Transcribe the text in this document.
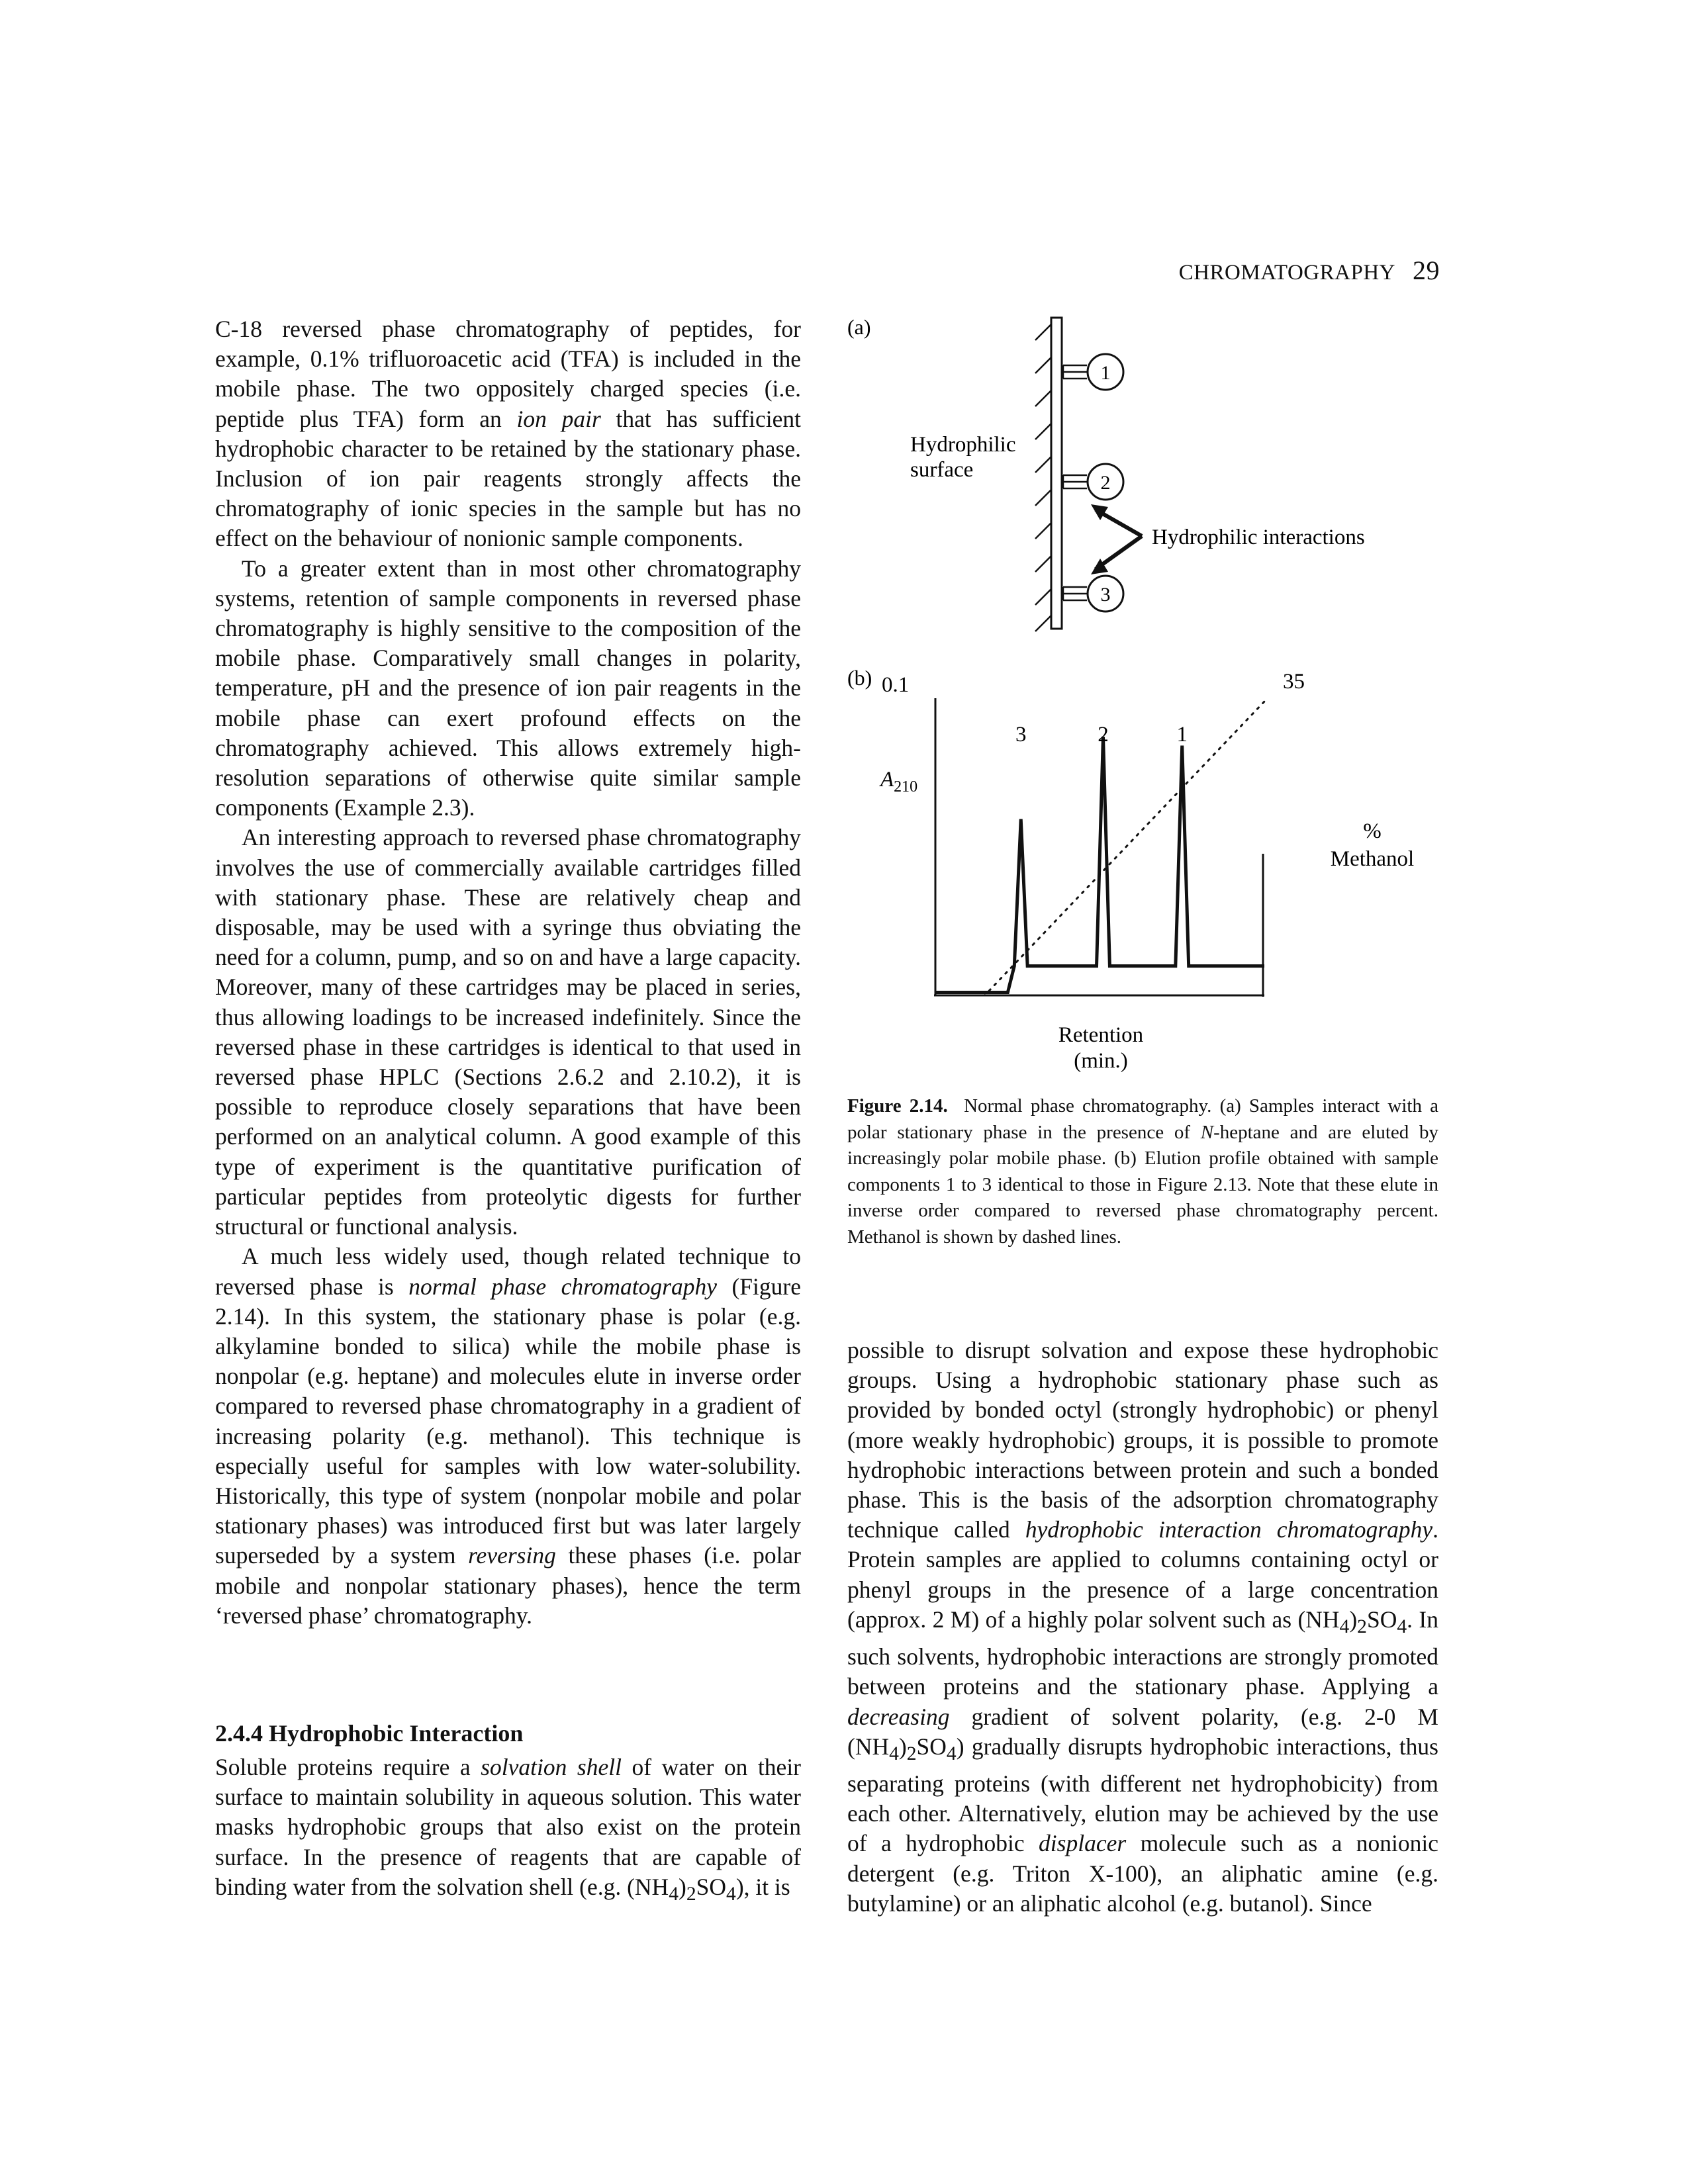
CHROMATOGRAPHY 29

C-18 reversed phase chromatography of peptides, for example, 0.1% trifluoroacetic acid (TFA) is included in the mobile phase. The two oppositely charged species (i.e. peptide plus TFA) form an ion pair that has sufficient hydrophobic character to be retained by the stationary phase. Inclusion of ion pair reagents strongly affects the chromatography of ionic species in the sample but has no effect on the behaviour of nonionic sample components.

To a greater extent than in most other chromatography systems, retention of sample components in reversed phase chromatography is highly sensitive to the composition of the mobile phase. Comparatively small changes in polarity, temperature, pH and the presence of ion pair reagents in the mobile phase can exert profound effects on the chromatography achieved. This allows extremely high-resolution separations of otherwise quite similar sample components (Example 2.3).

An interesting approach to reversed phase chromatography involves the use of commercially available cartridges filled with stationary phase. These are relatively cheap and disposable, may be used with a syringe thus obviating the need for a column, pump, and so on and have a large capacity. Moreover, many of these cartridges may be placed in series, thus allowing loadings to be increased indefinitely. Since the reversed phase in these cartridges is identical to that used in reversed phase HPLC (Sections 2.6.2 and 2.10.2), it is possible to reproduce closely separations that have been performed on an analytical column. A good example of this type of experiment is the quantitative purification of particular peptides from proteolytic digests for further structural or functional analysis.

A much less widely used, though related technique to reversed phase is normal phase chromatography (Figure 2.14). In this system, the stationary phase is polar (e.g. alkylamine bonded to silica) while the mobile phase is nonpolar (e.g. heptane) and molecules elute in inverse order compared to reversed phase chromatography in a gradient of increasing polarity (e.g. methanol). This technique is especially useful for samples with low water-solubility. Historically, this type of system (nonpolar mobile and polar stationary phases) was introduced first but was later largely superseded by a system reversing these phases (i.e. polar mobile and nonpolar stationary phases), hence the term ‘reversed phase’ chromatography.

2.4.4 Hydrophobic Interaction

Soluble proteins require a solvation shell of water on their surface to maintain solubility in aqueous solution. This water masks hydrophobic groups that also exist on the protein surface. In the presence of reagents that are capable of binding water from the solvation shell (e.g. $(NH_4)_2SO_4$), it is

(a)
Hydrophilic
surface
1
2
3
Hydrophilic interactions
(b) 0.1
$A_{210}$
35
%
Methanol
3	2	1
Retention
(min.)
Figure 2.14. Normal phase chromatography. (a) Samples interact with a polar stationary phase in the presence of N-heptane and are eluted by increasingly polar mobile phase. (b) Elution profile obtained with sample components 1 to 3 identical to those in Figure 2.13. Note that these elute in inverse order compared to reversed phase chromatography percent. Methanol is shown by dashed lines.

possible to disrupt solvation and expose these hydrophobic groups. Using a hydrophobic stationary phase such as provided by bonded octyl (strongly hydrophobic) or phenyl (more weakly hydrophobic) groups, it is possible to promote hydrophobic interactions between protein and such a bonded phase. This is the basis of the adsorption chromatography technique called hydrophobic interaction chromatography. Protein samples are applied to columns containing octyl or phenyl groups in the presence of a large concentration (approx. 2 M) of a highly polar solvent such as $(NH_4)_2SO_4$. In such solvents, hydrophobic interactions are strongly promoted between proteins and the stationary phase. Applying a decreasing gradient of solvent polarity, (e.g. 2-0 M $(NH_4)_2SO_4$) gradually disrupts hydrophobic interactions, thus separating proteins (with different net hydrophobicity) from each other. Alternatively, elution may be achieved by the use of a hydrophobic displacer molecule such as a nonionic detergent (e.g. Triton X-100), an aliphatic amine (e.g. butylamine) or an aliphatic alcohol (e.g. butanol). Since
